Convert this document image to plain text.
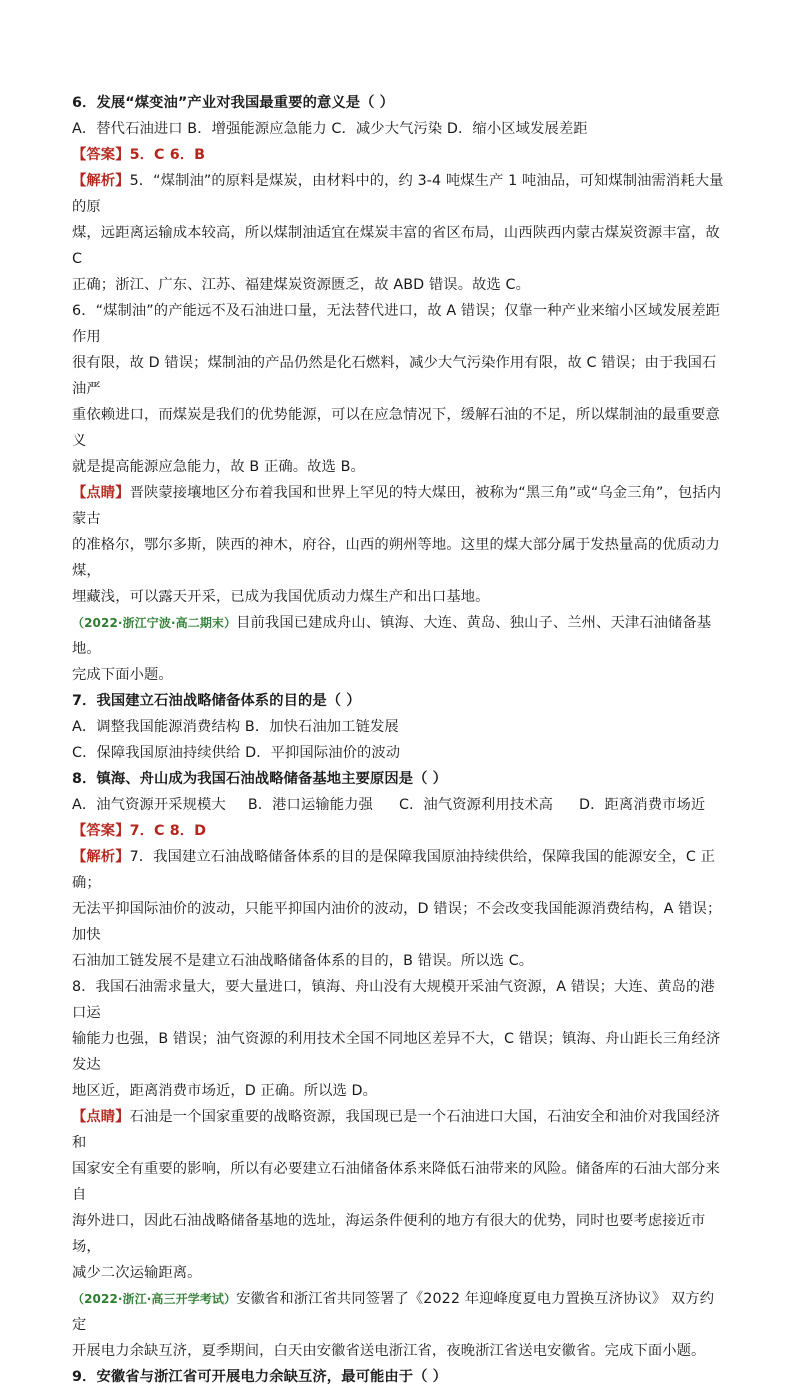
6．发展“煤变油”产业对我国最重要的意义是（ ）

A．替代石油进口 B．增强能源应急能力 C．减少大气污染 D．缩小区域发展差距

【答案】5．C 6．B

【解析】5．“煤制油”的原料是煤炭，由材料中的，约 3-4 吨煤生产 1 吨油品，可知煤制油需消耗大量的原

煤，远距离运输成本较高，所以煤制油适宜在煤炭丰富的省区布局，山西陕西内蒙古煤炭资源丰富，故 C

正确；浙江、广东、江苏、福建煤炭资源匮乏，故 ABD 错误。故选 C。

6．“煤制油”的产能远不及石油进口量，无法替代进口，故 A 错误；仅靠一种产业来缩小区域发展差距作用

很有限，故 D 错误；煤制油的产品仍然是化石燃料，减少大气污染作用有限，故 C 错误；由于我国石油严

重依赖进口，而煤炭是我们的优势能源，可以在应急情况下，缓解石油的不足，所以煤制油的最重要意义

就是提高能源应急能力，故 B 正确。故选 B。

【点睛】晋陕蒙接壤地区分布着我国和世界上罕见的特大煤田，被称为“黑三角”或“乌金三角”，包括内蒙古

的准格尔，鄂尔多斯，陕西的神木，府谷，山西的朔州等地。这里的煤大部分属于发热量高的优质动力煤，

埋藏浅，可以露天开采，已成为我国优质动力煤生产和出口基地。

（2022·浙江宁波·高二期末）目前我国已建成舟山、镇海、大连、黄岛、独山子、兰州、天津石油储备基地。

完成下面小题。

7．我国建立石油战略储备体系的目的是（ ）

A．调整我国能源消费结构 B．加快石油加工链发展

C．保障我国原油持续供给 D．平抑国际油价的波动

8．镇海、舟山成为我国石油战略储备基地主要原因是（ ）

A．油气资源开采规模大 B．港口运输能力强 C．油气资源利用技术高 D．距离消费市场近

【答案】7．C 8．D

【解析】7．我国建立石油战略储备体系的目的是保障我国原油持续供给，保障我国的能源安全，C 正确；

无法平抑国际油价的波动，只能平抑国内油价的波动，D 错误；不会改变我国能源消费结构，A 错误；加快

石油加工链发展不是建立石油战略储备体系的目的，B 错误。所以选 C。

8．我国石油需求量大，要大量进口，镇海、舟山没有大规模开采油气资源，A 错误；大连、黄岛的港口运

输能力也强，B 错误；油气资源的利用技术全国不同地区差异不大，C 错误；镇海、舟山距长三角经济发达

地区近，距离消费市场近，D 正确。所以选 D。

【点睛】石油是一个国家重要的战略资源，我国现已是一个石油进口大国，石油安全和油价对我国经济和

国家安全有重要的影响，所以有必要建立石油储备体系来降低石油带来的风险。储备库的石油大部分来自

海外进口，因此石油战略储备基地的选址，海运条件便利的地方有很大的优势，同时也要考虑接近市场，

减少二次运输距离。

（2022·浙江·高三开学考试）安徽省和浙江省共同签署了《2022 年迎峰度夏电力置换互济协议》 双方约定

开展电力余缺互济，夏季期间，白天由安徽省送电浙江省，夜晚浙江省送电安徽省。完成下面小题。

9．安徽省与浙江省可开展电力余缺互济，最可能由于（ ）
